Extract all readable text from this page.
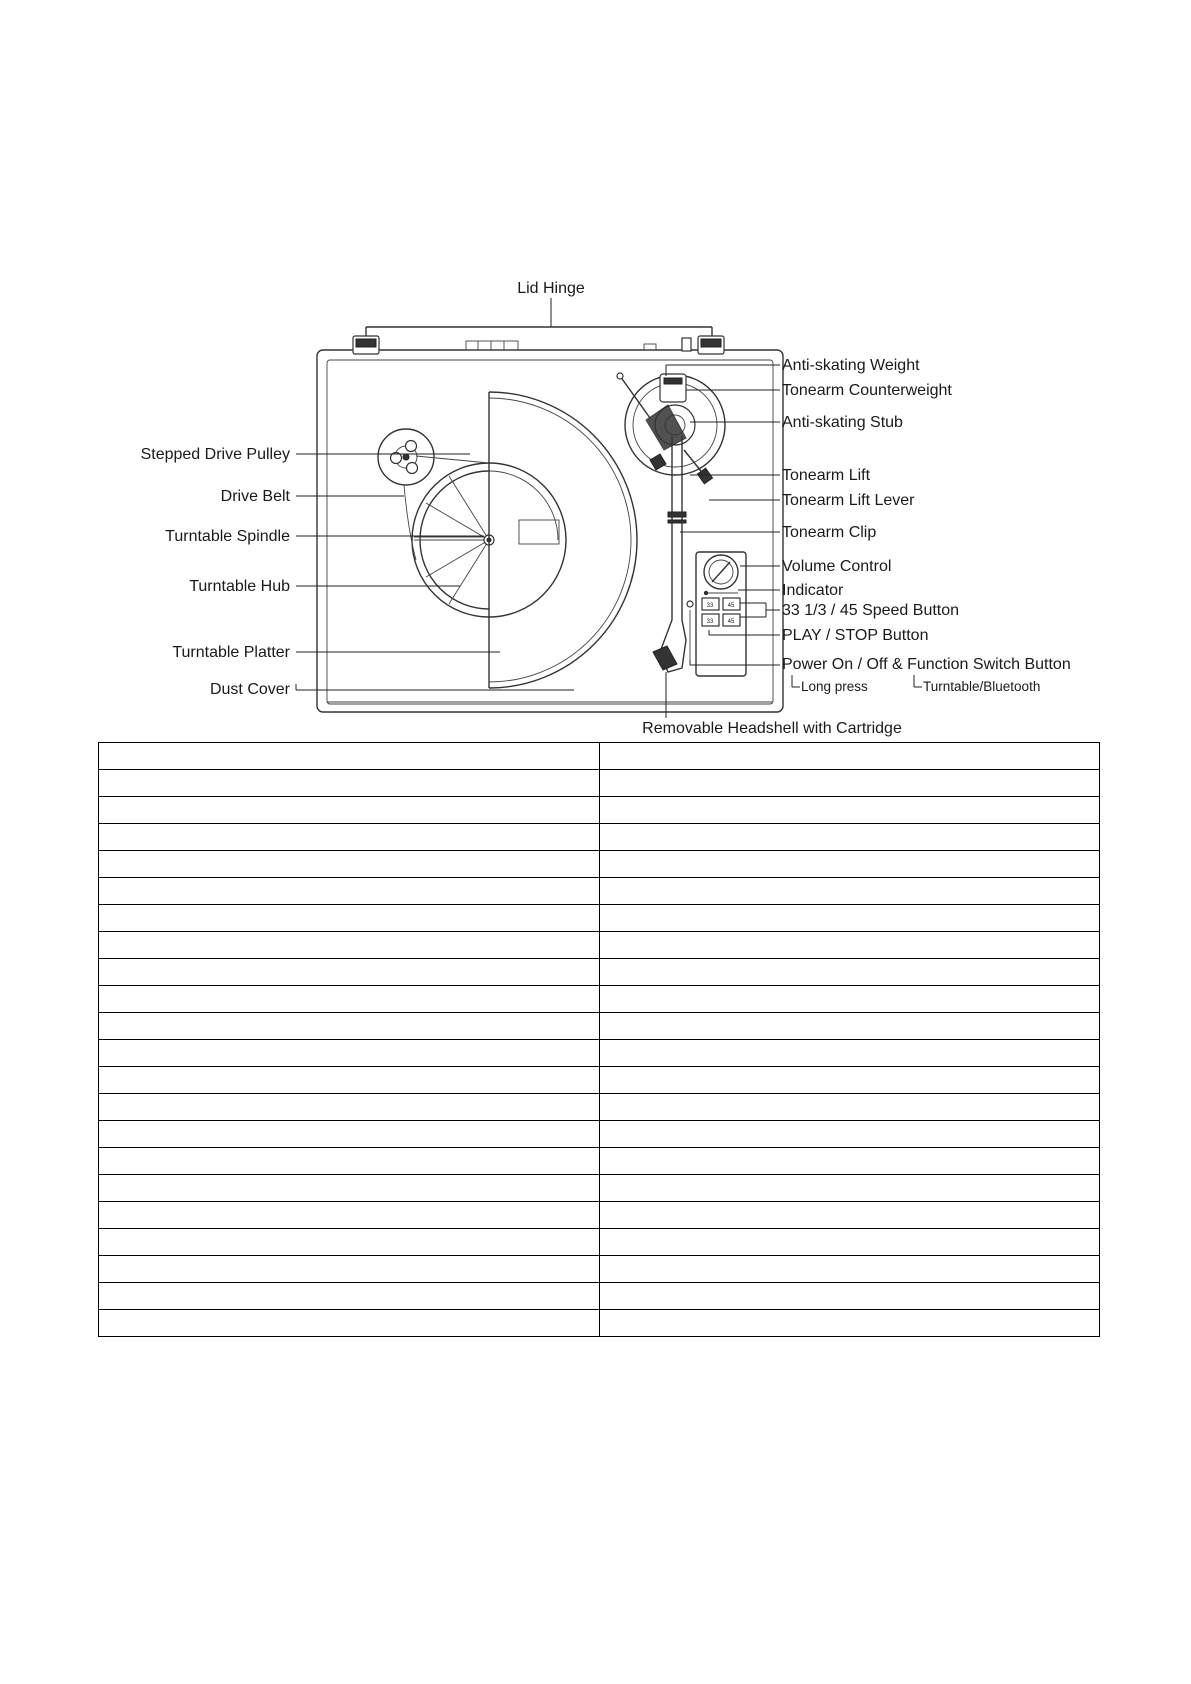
33 45
33 45
Lid Hinge
Anti-skating Weight
Tonearm Counterweight
Anti-skating Stub
Stepped Drive Pulley
Drive Belt
Turntable Spindle
Turntable Hub
Turntable Platter
Dust Cover
Tonearm Lift
Tonearm Lift Lever
Tonearm Clip
Volume Control
Indicator
33 1/3 / 45 Speed Button
PLAY / STOP Button
Power On / Off & Function Switch Button
Long press	Turntable/Bluetooth
Removable Headshell with Cartridge
